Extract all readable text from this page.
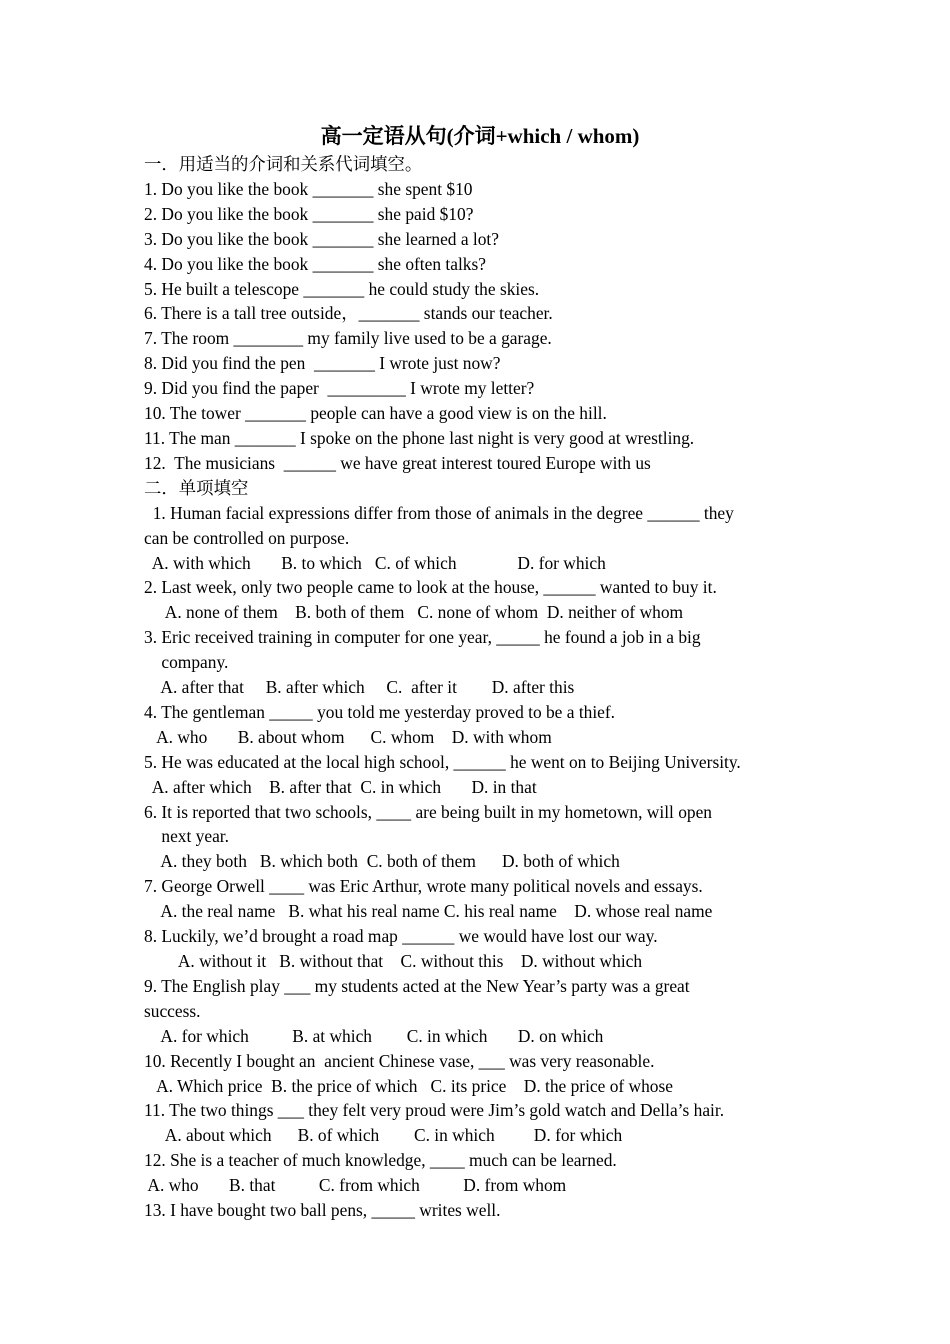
高一定语从句(介词+which / whom)
一．用适当的介词和关系代词填空。
1. Do you like the book _______ she spent $10
2. Do you like the book _______ she paid $10?
3. Do you like the book _______ she learned a lot?
4. Do you like the book _______ she often talks?
5. He built a telescope _______ he could study the skies.
6. There is a tall tree outside，_______ stands our teacher.
7. The room ________ my family live used to be a garage.
8. Did you find the pen  _______ I wrote just now?
9. Did you find the paper  _________ I wrote my letter?
10. The tower _______ people can have a good view is on the hill.
11. The man _______ I spoke on the phone last night is very good at wrestling.
12.  The musicians  ______ we have great interest toured Europe with us
二．单项填空
1. Human facial expressions differ from those of animals in the degree ______ they
can be controlled on purpose.
A. with which       B. to which   C. of which              D. for which
2. Last week, only two people came to look at the house, ______ wanted to buy it.
A. none of them    B. both of them   C. none of whom  D. neither of whom
3. Eric received training in computer for one year, _____ he found a job in a big
company.
A. after that     B. after which     C.  after it        D. after this
4. The gentleman _____ you told me yesterday proved to be a thief.
A. who       B. about whom      C. whom    D. with whom
5. He was educated at the local high school, ______ he went on to Beijing University.
A. after which    B. after that  C. in which       D. in that
6. It is reported that two schools, ____ are being built in my hometown, will open
next year.
A. they both   B. which both  C. both of them      D. both of which
7. George Orwell ____ was Eric Arthur, wrote many political novels and essays.
A. the real name   B. what his real name C. his real name    D. whose real name
8. Luckily, we’d brought a road map ______ we would have lost our way.
A. without it   B. without that    C. without this    D. without which
9. The English play ___ my students acted at the New Year’s party was a great
success.
A. for which          B. at which        C. in which       D. on which
10. Recently I bought an  ancient Chinese vase, ___ was very reasonable.
A. Which price  B. the price of which   C. its price    D. the price of whose
11. The two things ___ they felt very proud were Jim’s gold watch and Della’s hair.
A. about which      B. of which        C. in which         D. for which
12. She is a teacher of much knowledge, ____ much can be learned.
A. who       B. that          C. from which          D. from whom
13. I have bought two ball pens, _____ writes well.
